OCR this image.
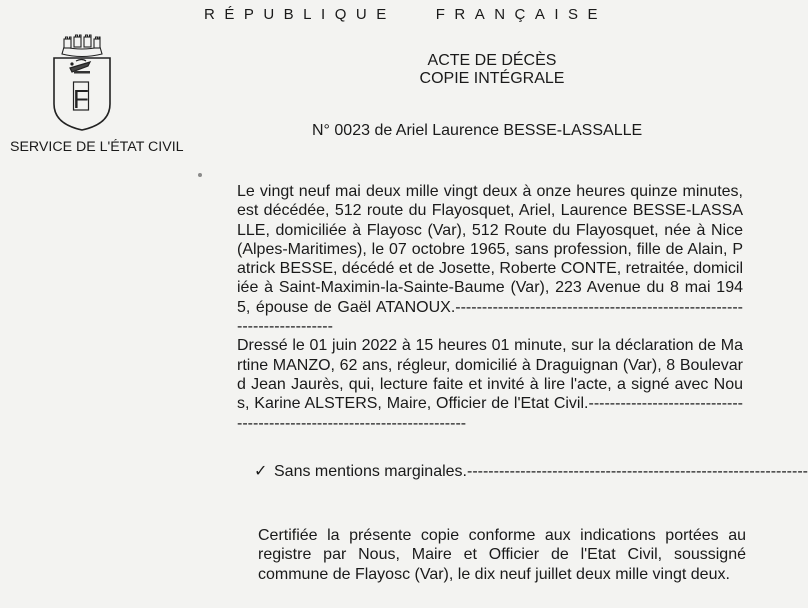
RÉPUBLIQUE	FRANÇAISE
F
SERVICE DE L'ÉTAT CIVIL
ACTE DE DÉCÈS
COPIE INTÉGRALE
N° 0023 de Ariel Laurence BESSE-LASSALLE

Le vingt neuf mai deux mille vingt deux à onze heures quinze minutes, est décédée, 512 route du Flayosquet, Ariel, Laurence BESSE-LASSALLE, domiciliée à Flayosc (Var), 512 Route du Flayosquet, née à Nice (Alpes-Maritimes), le 07 octobre 1965, sans profession, fille de Alain, Patrick BESSE, décédé et de Josette, Roberte CONTE, retraitée, domiciliée à Saint-Maximin-la-Sainte-Baume (Var), 223 Avenue du 8 mai 1945, épouse de Gaël ATANOUX.------------------------------------------------------------------------

Dressé le 01 juin 2022 à 15 heures 01 minute, sur la déclaration de Martine MANZO, 62 ans, régleur, domicilié à Draguignan (Var), 8 Boulevard Jean Jaurès, qui, lecture faite et invité à lire l'acte, a signé avec Nous, Karine ALSTERS, Maire, Officier de l'Etat Civil.------------------------------------------------------------------------

✓ Sans mentions marginales.----------------------------------------------------------------
Certifiée la présente copie conforme aux indications portées au registre par Nous, Maire et Officier de l'Etat Civil, soussigné commune de Flayosc (Var), le dix neuf juillet deux mille vingt deux.
